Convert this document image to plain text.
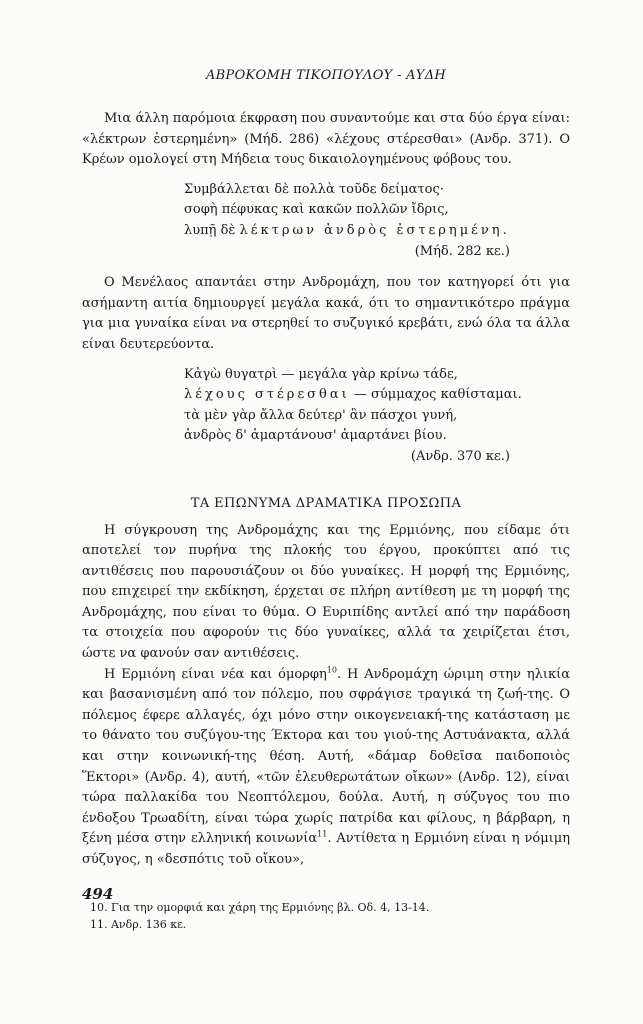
ΑΒΡΟΚΟΜΗ ΤΙΚΟΠΟΥΛΟΥ - ΑΥΔΗ

Μια άλλη παρόμοια έκφραση που συναντούμε και στα δύο έργα είναι: «λέκτρων ἐστερημένη» (Μήδ. 286) «λέχους στέρεσθαι» (Ανδρ. 371). Ο Κρέων ομολογεί στη Μήδεια τους δικαιολογημένους φόβους του.

Συμβάλλεται δὲ πολλὰ τοῦδε δείματος·
σοφὴ πέφυκας καὶ κακῶν πολλῶν ἴδρις,
λυπῇ δὲ λέκτρων ἀνδρὸς ἐστερημένη.
(Μήδ. 282 κε.)

Ο Μενέλαος απαντάει στην Ανδρομάχη, που τον κατηγορεί ότι για ασήμαντη αιτία δημιουργεί μεγάλα κακά, ότι το σημαντικότερο πράγμα για μια γυναίκα είναι να στερηθεί το συζυγικό κρεβάτι, ενώ όλα τα άλλα είναι δευτερεύοντα.

Κἀγὼ θυγατρὶ — μεγάλα γὰρ κρίνω τάδε,
λέχους στέρεσθαι — σύμμαχος καθίσταμαι.
τὰ μὲν γὰρ ἄλλα δεύτερ' ἂν πάσχοι γυνή,
ἀνδρὸς δ' ἁμαρτάνουσ' ἁμαρτάνει βίου.
(Ανδρ. 370 κε.)
ΤΑ ΕΠΩΝΥΜΑ ΔΡΑΜΑΤΙΚΑ ΠΡΟΣΩΠΑ

Η σύγκρουση της Ανδρομάχης και της Ερμιόνης, που είδαμε ότι αποτελεί τον πυρήνα της πλοκής του έργου, προκύπτει από τις αντιθέσεις που παρουσιάζουν οι δύο γυναίκες. Η μορφή της Ερμιόνης, που επιχειρεί την εκδίκηση, έρχεται σε πλήρη αντίθεση με τη μορφή της Ανδρομάχης, που είναι το θύμα. Ο Ευριπίδης αντλεί από την παράδοση τα στοιχεία που αφορούν τις δύο γυναίκες, αλλά τα χειρίζεται έτσι, ώστε να φανούν σαν αντιθέσεις.

Η Ερμιόνη είναι νέα και όμορφη$^{10}$. Η Ανδρομάχη ώριμη στην ηλικία και βασανισμένη από τον πόλεμο, που σφράγισε τραγικά τη ζωή-της. Ο πόλεμος έφερε αλλαγές, όχι μόνο στην οικογενειακή-της κατάσταση με το θάνατο του συζύγου-της Έκτορα και του γιού-της Αστυάνακτα, αλλά και στην κοινωνική-της θέση. Αυτή, «δάμαρ δοθεῖσα παιδοποιὸς Ἕκτορι» (Ανδρ. 4), αυτή, «τῶν ἐλευθερωτάτων οἴκων» (Ανδρ. 12), είναι τώρα παλλακίδα του Νεοπτόλεμου, δούλα. Αυτή, η σύζυγος του πιο ένδοξου Τρωαδίτη, είναι τώρα χωρίς πατρίδα και φίλους, η βάρβαρη, η ξένη μέσα στην ελληνική κοινωνία$^{11}$. Αντίθετα η Ερμιόνη είναι η νόμιμη σύζυγος, η «δεσπότις τοῦ οἴκου»,

10. Για την ομορφιά και χάρη της Ερμιόνης βλ. Οδ. 4, 13-14.
11. Ανδρ. 136 κε.
494
